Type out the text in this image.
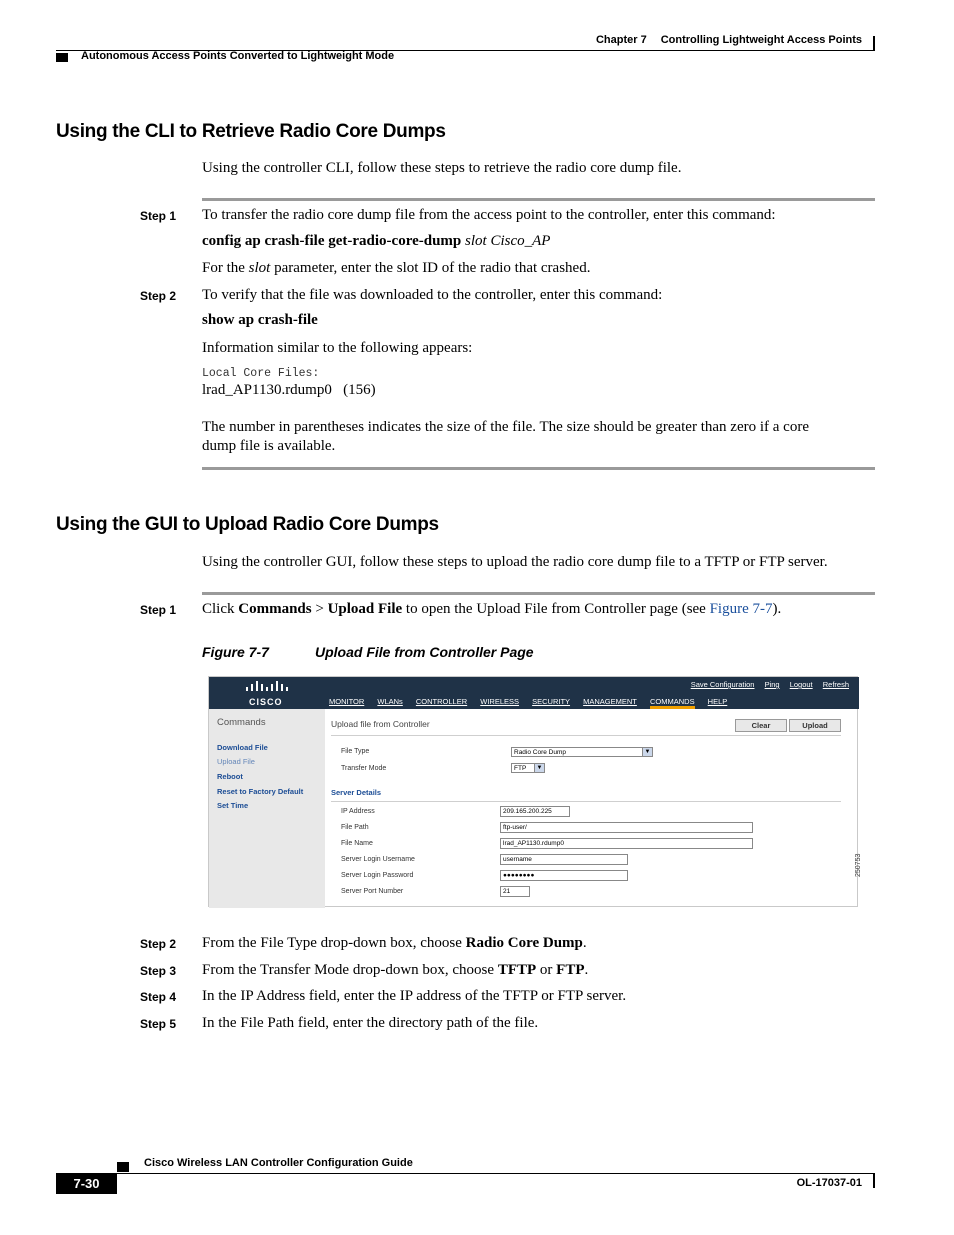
Chapter 7 Controlling Lightweight Access Points
Autonomous Access Points Converted to Lightweight Mode
Using the CLI to Retrieve Radio Core Dumps
Using the controller CLI, follow these steps to retrieve the radio core dump file.
Step 1 To transfer the radio core dump file from the access point to the controller, enter this command:
config ap crash-file get-radio-core-dump slot Cisco_AP
For the slot parameter, enter the slot ID of the radio that crashed.
Step 2 To verify that the file was downloaded to the controller, enter this command:
show ap crash-file
Information similar to the following appears:
Local Core Files:
lrad_AP1130.rdump0   (156)
The number in parentheses indicates the size of the file. The size should be greater than zero if a core
dump file is available.
Using the GUI to Upload Radio Core Dumps
Using the controller GUI, follow these steps to upload the radio core dump file to a TFTP or FTP server.
Step 1 Click Commands > Upload File to open the Upload File from Controller page (see Figure 7-7).
Figure 7-7	Upload File from Controller Page
CISCO
Save Configuration Ping Logout Refresh
MONITOR WLANs CONTROLLER WIRELESS SECURITY MANAGEMENT COMMANDS HELP
Commands
Download File
Upload File
Reboot
Reset to Factory Default
Set Time
Upload file from Controller	Clear	Upload
File Type	Radio Core Dump	▼
Transfer Mode	FTP	▼
Server Details
IP Address	209.165.200.225
File Path	ftp-user/
File Name	lrad_AP1130.rdump0
Server Login Username	username
Server Login Password	●●●●●●●●
Server Port Number	21
250753
Step 2 From the File Type drop-down box, choose Radio Core Dump.
Step 3 From the Transfer Mode drop-down box, choose TFTP or FTP.
Step 4 In the IP Address field, enter the IP address of the TFTP or FTP server.
Step 5 In the File Path field, enter the directory path of the file.
Cisco Wireless LAN Controller Configuration Guide
7-30	OL-17037-01
